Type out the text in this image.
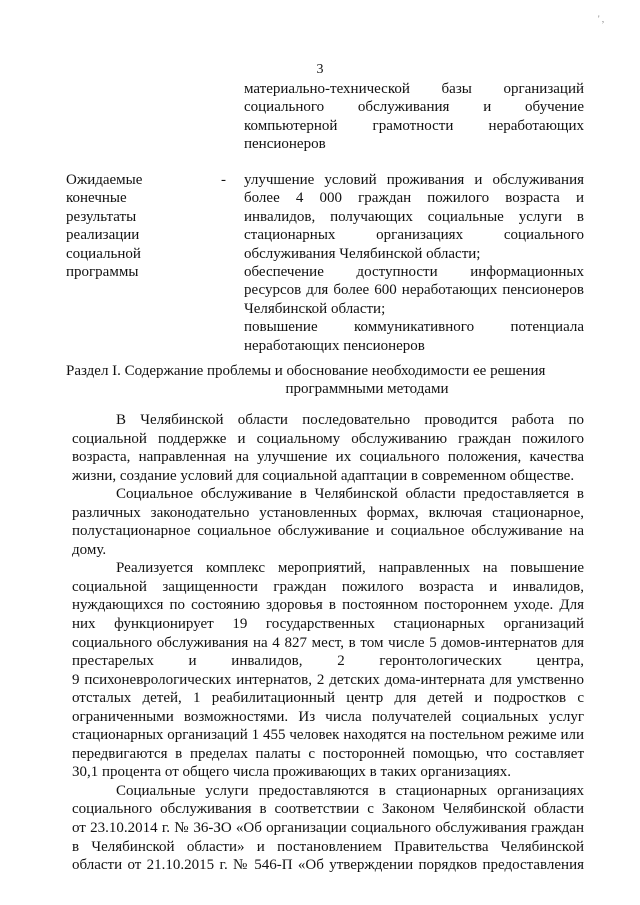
' ,
3
материально-технической базы организаций
социального обслуживания и обучение
компьютерной грамотности неработающих
пенсионеров
Ожидаемые
конечные
результаты
реализации
социальной
программы
- улучшение условий проживания и обслуживания
более 4 000 граждан пожилого возраста и
инвалидов, получающих социальные услуги в
стационарных организациях социального
обслуживания Челябинской области;
обеспечение доступности информационных
ресурсов для более 600 неработающих пенсионеров
Челябинской области;
повышение коммуникативного потенциала
неработающих пенсионеров
Раздел I. Содержание проблемы и обоснование необходимости ее решения
программными методами
В Челябинской области последовательно проводится работа по
социальной поддержке и социальному обслуживанию граждан пожилого
возраста, направленная на улучшение их социального положения, качества
жизни, создание условий для социальной адаптации в современном обществе.
Социальное обслуживание в Челябинской области предоставляется в
различных законодательно установленных формах, включая стационарное,
полустационарное социальное обслуживание и социальное обслуживание на
дому.
Реализуется комплекс мероприятий, направленных на повышение
социальной защищенности граждан пожилого возраста и инвалидов,
нуждающихся по состоянию здоровья в постоянном постороннем уходе. Для
них функционирует 19 государственных стационарных организаций
социального обслуживания на 4 827 мест, в том числе 5 домов-интернатов для
престарелых и инвалидов, 2 геронтологических центра,
9 психоневрологических интернатов, 2 детских дома-интерната для умственно
отсталых детей, 1 реабилитационный центр для детей и подростков с
ограниченными возможностями. Из числа получателей социальных услуг
стационарных организаций 1 455 человек находятся на постельном режиме или
передвигаются в пределах палаты с посторонней помощью, что составляет
30,1 процента от общего числа проживающих в таких организациях.
Социальные услуги предоставляются в стационарных организациях
социального обслуживания в соответствии с Законом Челябинской области
от 23.10.2014 г. № 36-ЗО «Об организации социального обслуживания граждан
в Челябинской области» и постановлением Правительства Челябинской
области от 21.10.2015 г. № 546-П «Об утверждении порядков предоставления
